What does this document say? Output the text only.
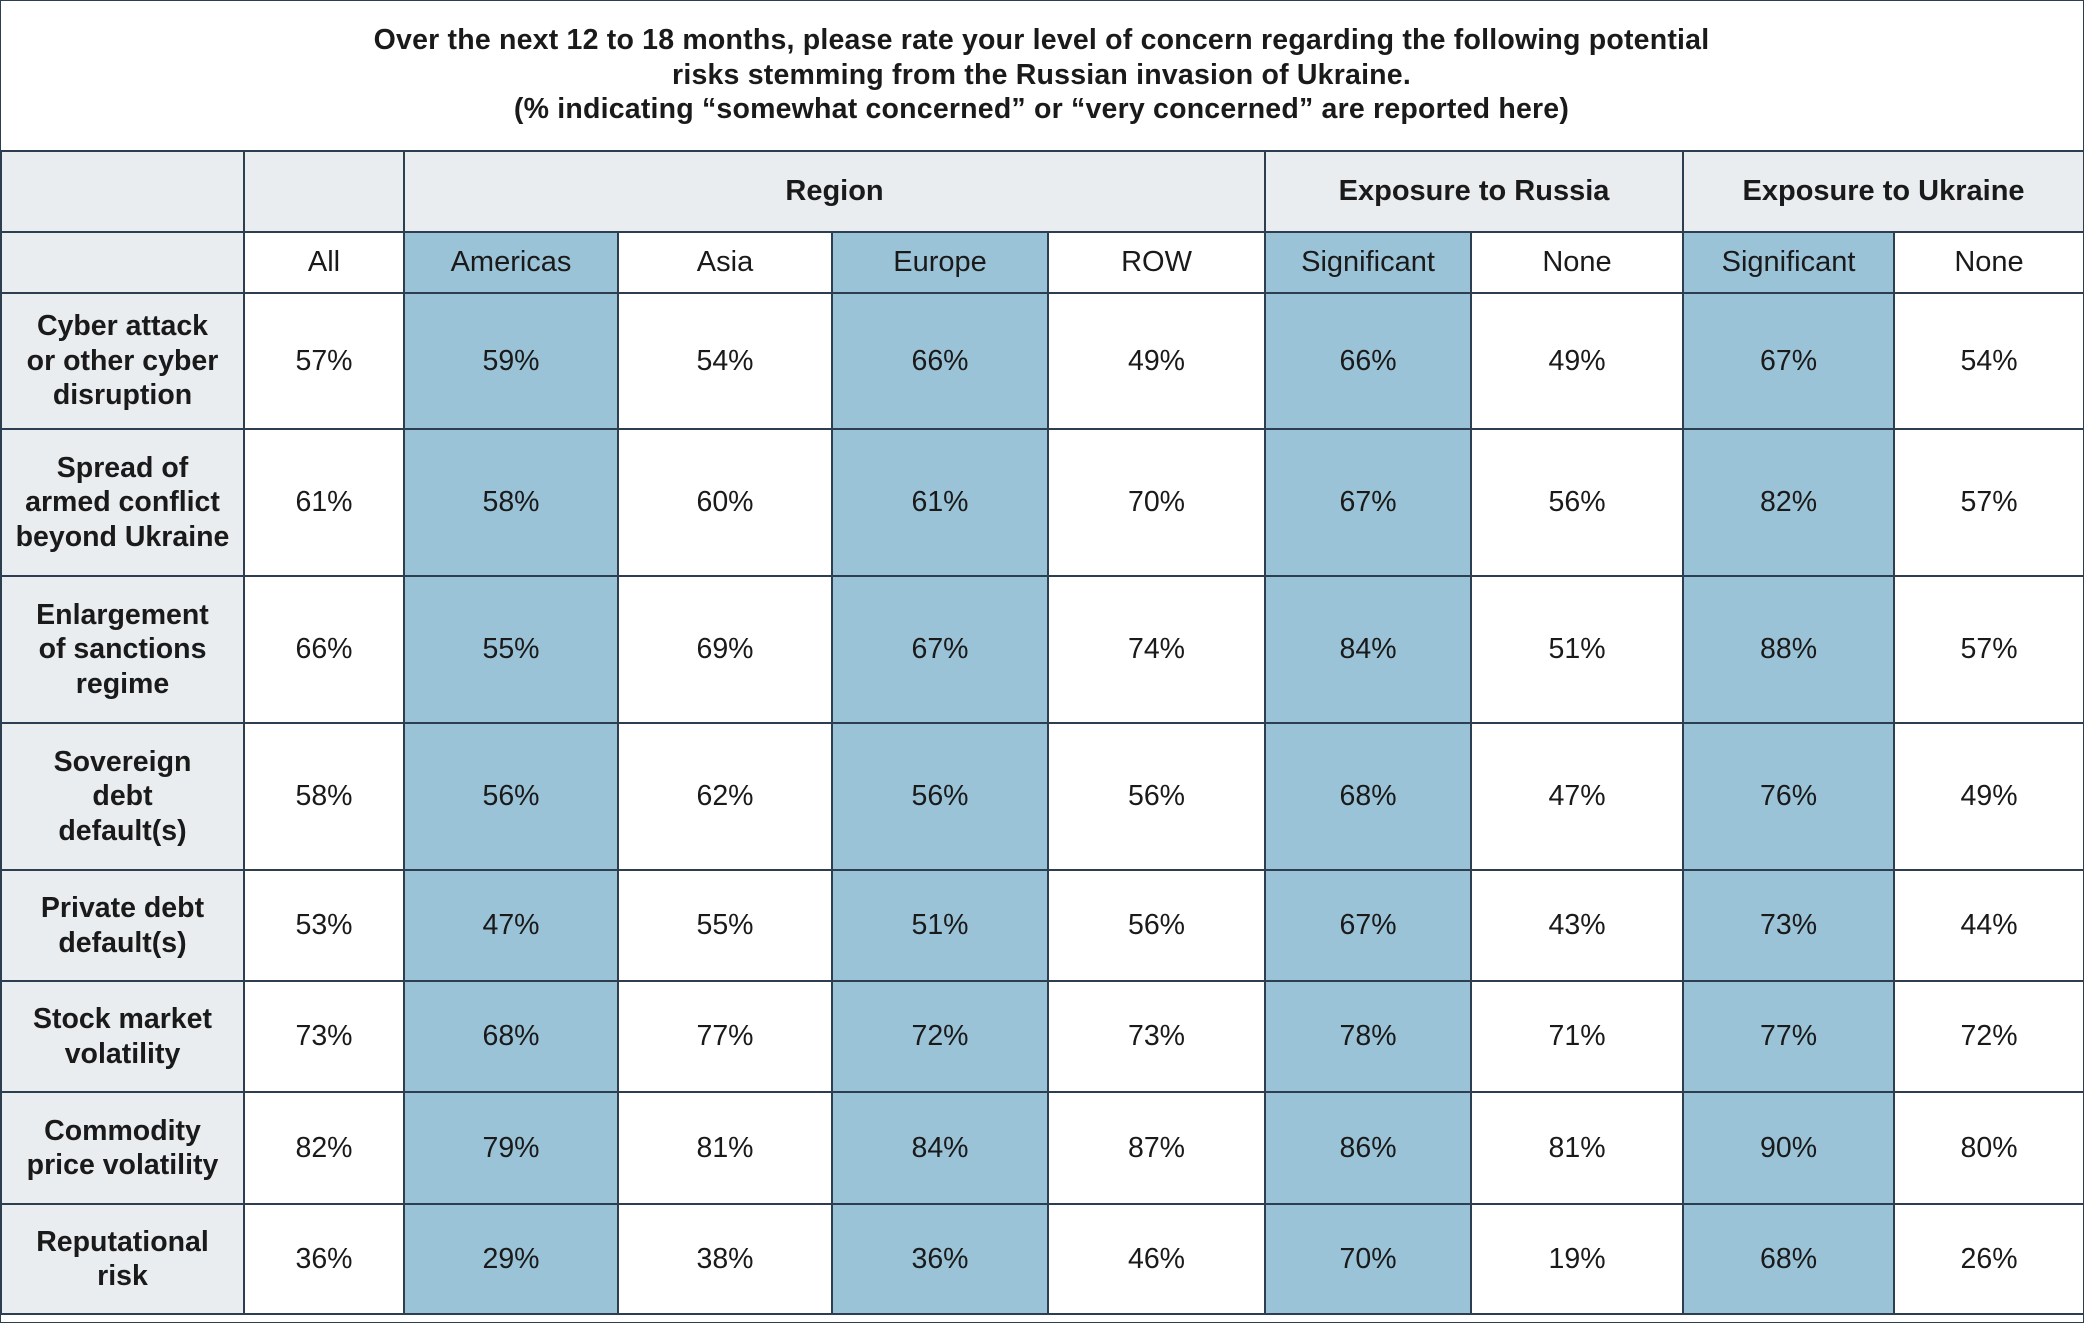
Over the next 12 to 18 months, please rate your level of concern regarding the following potential
risks stemming from the Russian invasion of Ukraine.
(% indicating “somewhat concerned” or “very concerned” are reported here)
		Region				Exposure to Russia		Exposure to Ukraine	
	All	Americas	Asia	Europe	ROW	Significant	None	Significant	None

Cyber attack
or other cyber
disruption	57%	59%	54%	66%	49%	66%	49%	67%	54%

Spread of
armed conflict
beyond Ukraine	61%	58%	60%	61%	70%	67%	56%	82%	57%

Enlargement
of sanctions
regime	66%	55%	69%	67%	74%	84%	51%	88%	57%

Sovereign
debt
default(s)	58%	56%	62%	56%	56%	68%	47%	76%	49%

Private debt
default(s)	53%	47%	55%	51%	56%	67%	43%	73%	44%

Stock market
volatility	73%	68%	77%	72%	73%	78%	71%	77%	72%

Commodity
price volatility	82%	79%	81%	84%	87%	86%	81%	90%	80%

Reputational
risk	36%	29%	38%	36%	46%	70%	19%	68%	26%
